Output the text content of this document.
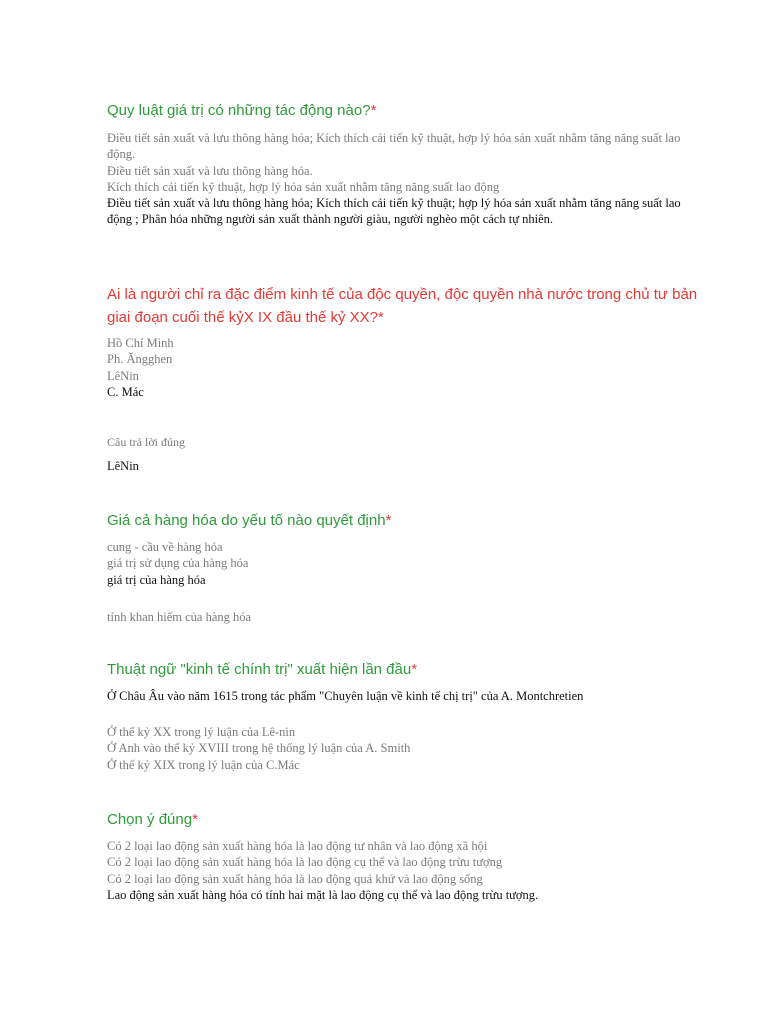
Quy luật giá trị có những tác động nào?*
Điều tiết sản xuất và lưu thông hàng hóa; Kích thích cải tiến kỹ thuật, hợp lý hóa sản xuất nhằm tăng năng suất lao động.
Điều tiết sản xuất và lưu thông hàng hóa.
Kích thích cải tiến kỹ thuật, hợp lý hóa sản xuất nhằm tăng năng suất lao động
Điều tiết sản xuất và lưu thông hàng hóa; Kích thích cải tiến kỹ thuật; hợp lý hóa sản xuất nhằm tăng năng suất lao động ; Phân hóa những người sản xuất thành người giàu, người nghèo một cách tự nhiên.
Ai là người chỉ ra đặc điểm kinh tế của độc quyền, độc quyền nhà nước trong chủ tư bản giai đoạn cuối thế kỷX IX đầu thế kỷ XX?*
Hồ Chí Minh
Ph. Ăngghen
LêNin
C. Mác
Câu trả lời đúng
LêNin
Giá cả hàng hóa do yếu tố nào quyết định*
cung - cầu về hàng hóa
giá trị sử dụng của hàng hóa
giá trị của hàng hóa
tính khan hiếm của hàng hóa
Thuật ngữ "kinh tế chính trị" xuất hiện lần đầu*
Ở Châu Âu vào năm 1615 trong tác phẩm "Chuyên luận về kinh tế chị trị" của A. Montchretien
Ở thế kỷ XX trong lý luận của Lê-nin
Ở Anh vào thế kỷ XVIII trong hệ thống lý luận của A. Smith
Ở thế kỷ XIX trong lý luận của C.Mác
Chọn ý đúng*
Có 2 loại lao động sản xuất hàng hóa là lao động tư nhân và lao động xã hội
Có 2 loại lao động sản xuất hàng hóa là lao động cụ thể và lao động trừu tượng
Có 2 loại lao động sản xuất hàng hóa là lao động quá khứ và lao động sống
Lao động sản xuất hàng hóa có tính hai mặt là lao động cụ thể và lao động trừu tượng.
